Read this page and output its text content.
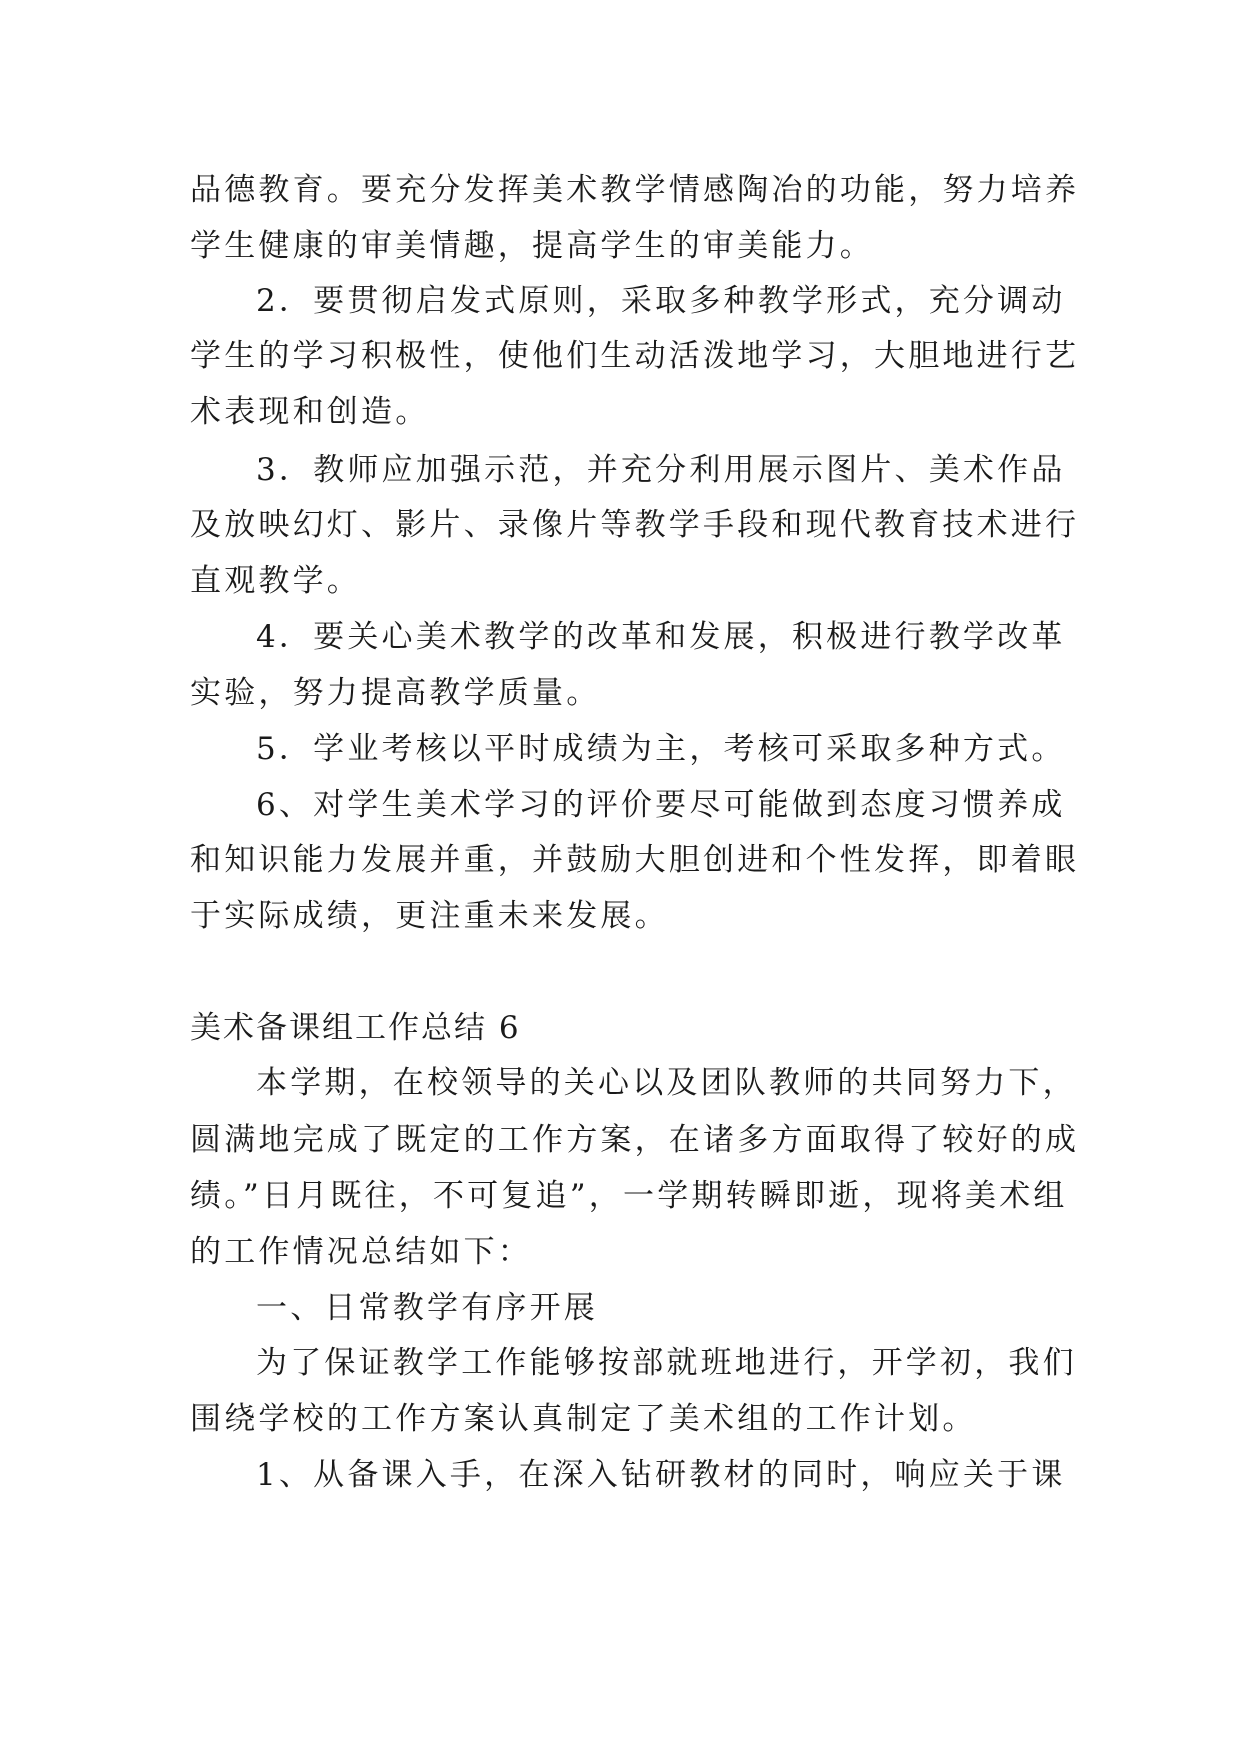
品德教育。要充分发挥美术教学情感陶冶的功能，努力培养

学生健康的审美情趣，提高学生的审美能力。

2．要贯彻启发式原则，采取多种教学形式，充分调动

学生的学习积极性，使他们生动活泼地学习，大胆地进行艺

术表现和创造。

3．教师应加强示范，并充分利用展示图片、美术作品

及放映幻灯、影片、录像片等教学手段和现代教育技术进行

直观教学。

4．要关心美术教学的改革和发展，积极进行教学改革

实验，努力提高教学质量。

5．学业考核以平时成绩为主，考核可采取多种方式。

6、对学生美术学习的评价要尽可能做到态度习惯养成

和知识能力发展并重，并鼓励大胆创进和个性发挥，即着眼

于实际成绩，更注重未来发展。

美术备课组工作总结 6

本学期，在校领导的关心以及团队教师的共同努力下，

圆满地完成了既定的工作方案，在诸多方面取得了较好的成

绩。”日月既往，不可复追”，一学期转瞬即逝，现将美术组

的工作情况总结如下：

一、日常教学有序开展

为了保证教学工作能够按部就班地进行，开学初，我们

围绕学校的工作方案认真制定了美术组的工作计划。

1、从备课入手，在深入钻研教材的同时，响应关于课
